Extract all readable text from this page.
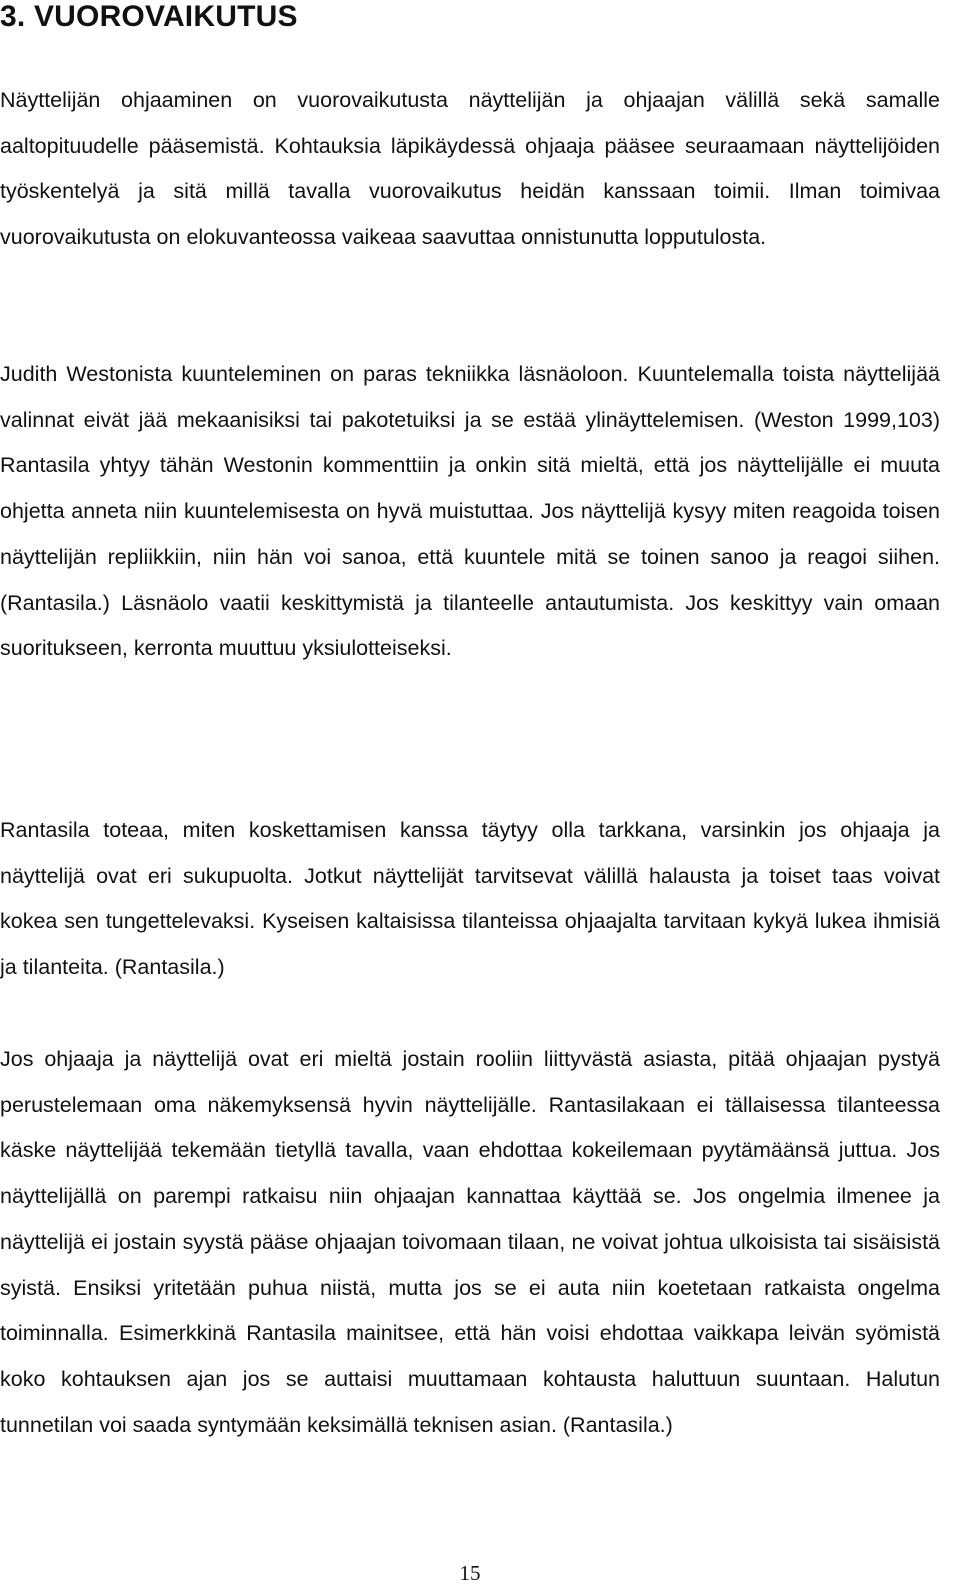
3. VUOROVAIKUTUS

Näyttelijän ohjaaminen on vuorovaikutusta näyttelijän ja ohjaajan välillä sekä samalle aaltopituudelle pääsemistä. Kohtauksia läpikäydessä ohjaaja pääsee seuraamaan näyttelijöiden työskentelyä ja sitä millä tavalla vuorovaikutus heidän kanssaan toimii. Ilman toimivaa vuorovaikutusta on elokuvanteossa vaikeaa saavuttaa onnistunutta lopputulosta.

Judith Westonista kuunteleminen on paras tekniikka läsnäoloon. Kuuntelemalla toista näyttelijää valinnat eivät jää mekaanisiksi tai pakotetuiksi ja se estää ylinäyttelemisen. (Weston 1999,103) Rantasila yhtyy tähän Westonin kommenttiin ja onkin sitä mieltä, että jos näyttelijälle ei muuta ohjetta anneta niin kuuntelemisesta on hyvä muistuttaa. Jos näyttelijä kysyy miten reagoida toisen näyttelijän repliikkiin, niin hän voi sanoa, että kuuntele mitä se toinen sanoo ja reagoi siihen. (Rantasila.) Läsnäolo vaatii keskittymistä ja tilanteelle antautumista. Jos keskittyy vain omaan suoritukseen, kerronta muuttuu yksiulotteiseksi.

Rantasila toteaa, miten koskettamisen kanssa täytyy olla tarkkana, varsinkin jos ohjaaja ja näyttelijä ovat eri sukupuolta. Jotkut näyttelijät tarvitsevat välillä halausta ja toiset taas voivat kokea sen tungettelevaksi. Kyseisen kaltaisissa tilanteissa ohjaajalta tarvitaan kykyä lukea ihmisiä ja tilanteita. (Rantasila.)

Jos ohjaaja ja näyttelijä ovat eri mieltä jostain rooliin liittyvästä asiasta, pitää ohjaajan pystyä perustelemaan oma näkemyksensä hyvin näyttelijälle. Rantasilakaan ei tällaisessa tilanteessa käske näyttelijää tekemään tietyllä tavalla, vaan ehdottaa kokeilemaan pyytämäänsä juttua. Jos näyttelijällä on parempi ratkaisu niin ohjaajan kannattaa käyttää se. Jos ongelmia ilmenee ja näyttelijä ei jostain syystä pääse ohjaajan toivomaan tilaan, ne voivat johtua ulkoisista tai sisäisistä syistä. Ensiksi yritetään puhua niistä, mutta jos se ei auta niin koetetaan ratkaista ongelma toiminnalla. Esimerkkinä Rantasila mainitsee, että hän voisi ehdottaa vaikkapa leivän syömistä koko kohtauksen ajan jos se auttaisi muuttamaan kohtausta haluttuun suuntaan. Halutun tunnetilan voi saada syntymään keksimällä teknisen asian. (Rantasila.)

15
